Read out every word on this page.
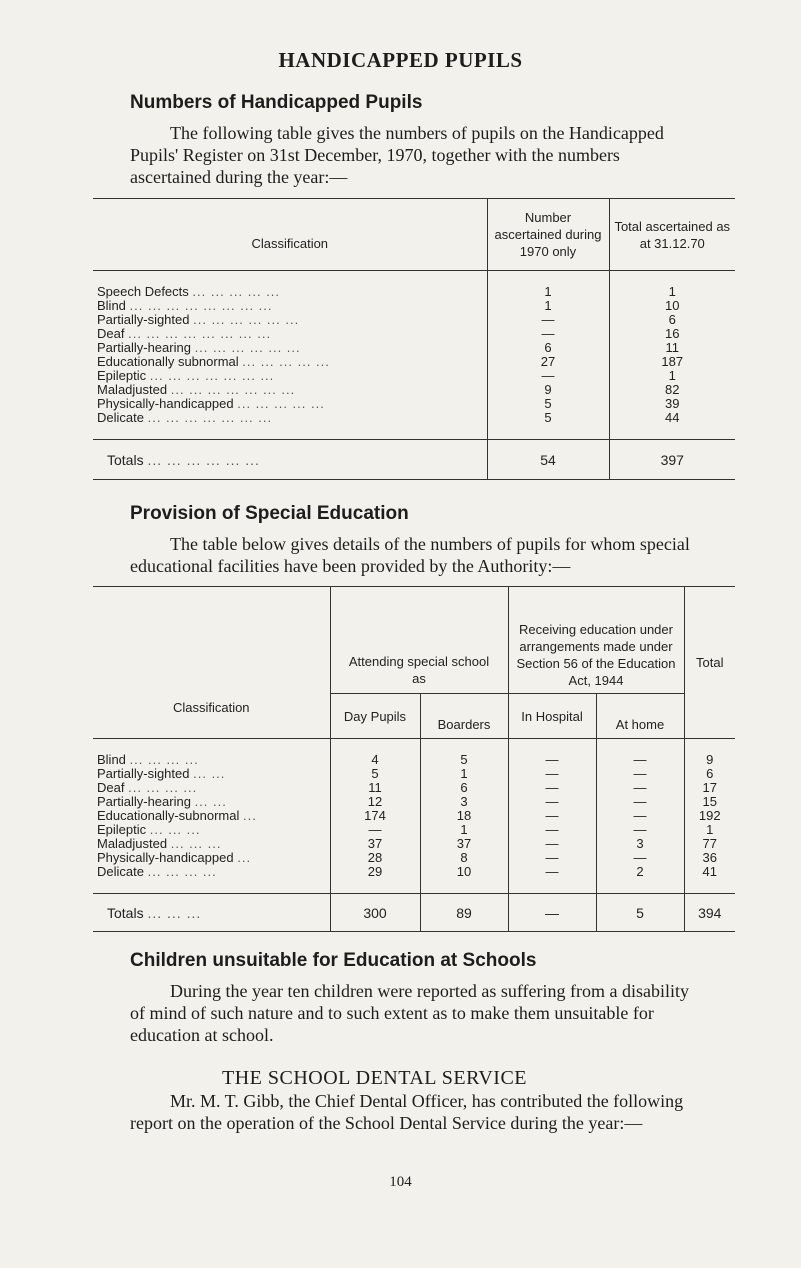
HANDICAPPED PUPILS
Numbers of Handicapped Pupils
The following table gives the numbers of pupils on the Handicapped Pupils' Register on 31st December, 1970, together with the numbers ascertained during the year:—
Classification	Number ascertained during 1970 only	Total ascertained as at 31.12.70

Speech Defects ... ... ... ... ...	1	1
Blind ... ... ... ... ... ... ... ...	1	10
Partially-sighted ... ... ... ... ... ...	—	6
Deaf ... ... ... ... ... ... ... ...	—	16
Partially-hearing ... ... ... ... ... ...	6	11
Educationally subnormal ... ... ... ... ...	27	187
Epileptic ... ... ... ... ... ... ...	—	1
Maladjusted ... ... ... ... ... ... ...	9	82
Physically-handicapped ... ... ... ... ...	5	39
Delicate ... ... ... ... ... ... ...	5	44

Totals ... ... ... ... ... ...	54	397
Provision of Special Education
The table below gives details of the numbers of pupils for whom special educational facilities have been provided by the Authority:—
Classification	Attending special school as		Receiving education under arrangements made under Section 56 of the Education Act, 1944		Total
	Day Pupils	Boarders	In Hospital	At home	

Blind ... ... ... ...	4	5	—	—	9
Partially-sighted ... ...	5	1	—	—	6
Deaf ... ... ... ...	11	6	—	—	17
Partially-hearing ... ...	12	3	—	—	15
Educationally-subnormal ...	174	18	—	—	192
Epileptic ... ... ...	—	1	—	—	1
Maladjusted ... ... ...	37	37	—	3	77
Physically-handicapped ...	28	8	—	—	36
Delicate ... ... ... ...	29	10	—	2	41

Totals ... ... ...	300	89	—	5	394
Children unsuitable for Education at Schools
During the year ten children were reported as suffering from a disability of mind of such nature and to such extent as to make them unsuitable for education at school.
THE SCHOOL DENTAL SERVICE
Mr. M. T. Gibb, the Chief Dental Officer, has contributed the following report on the operation of the School Dental Service during the year:—
104
